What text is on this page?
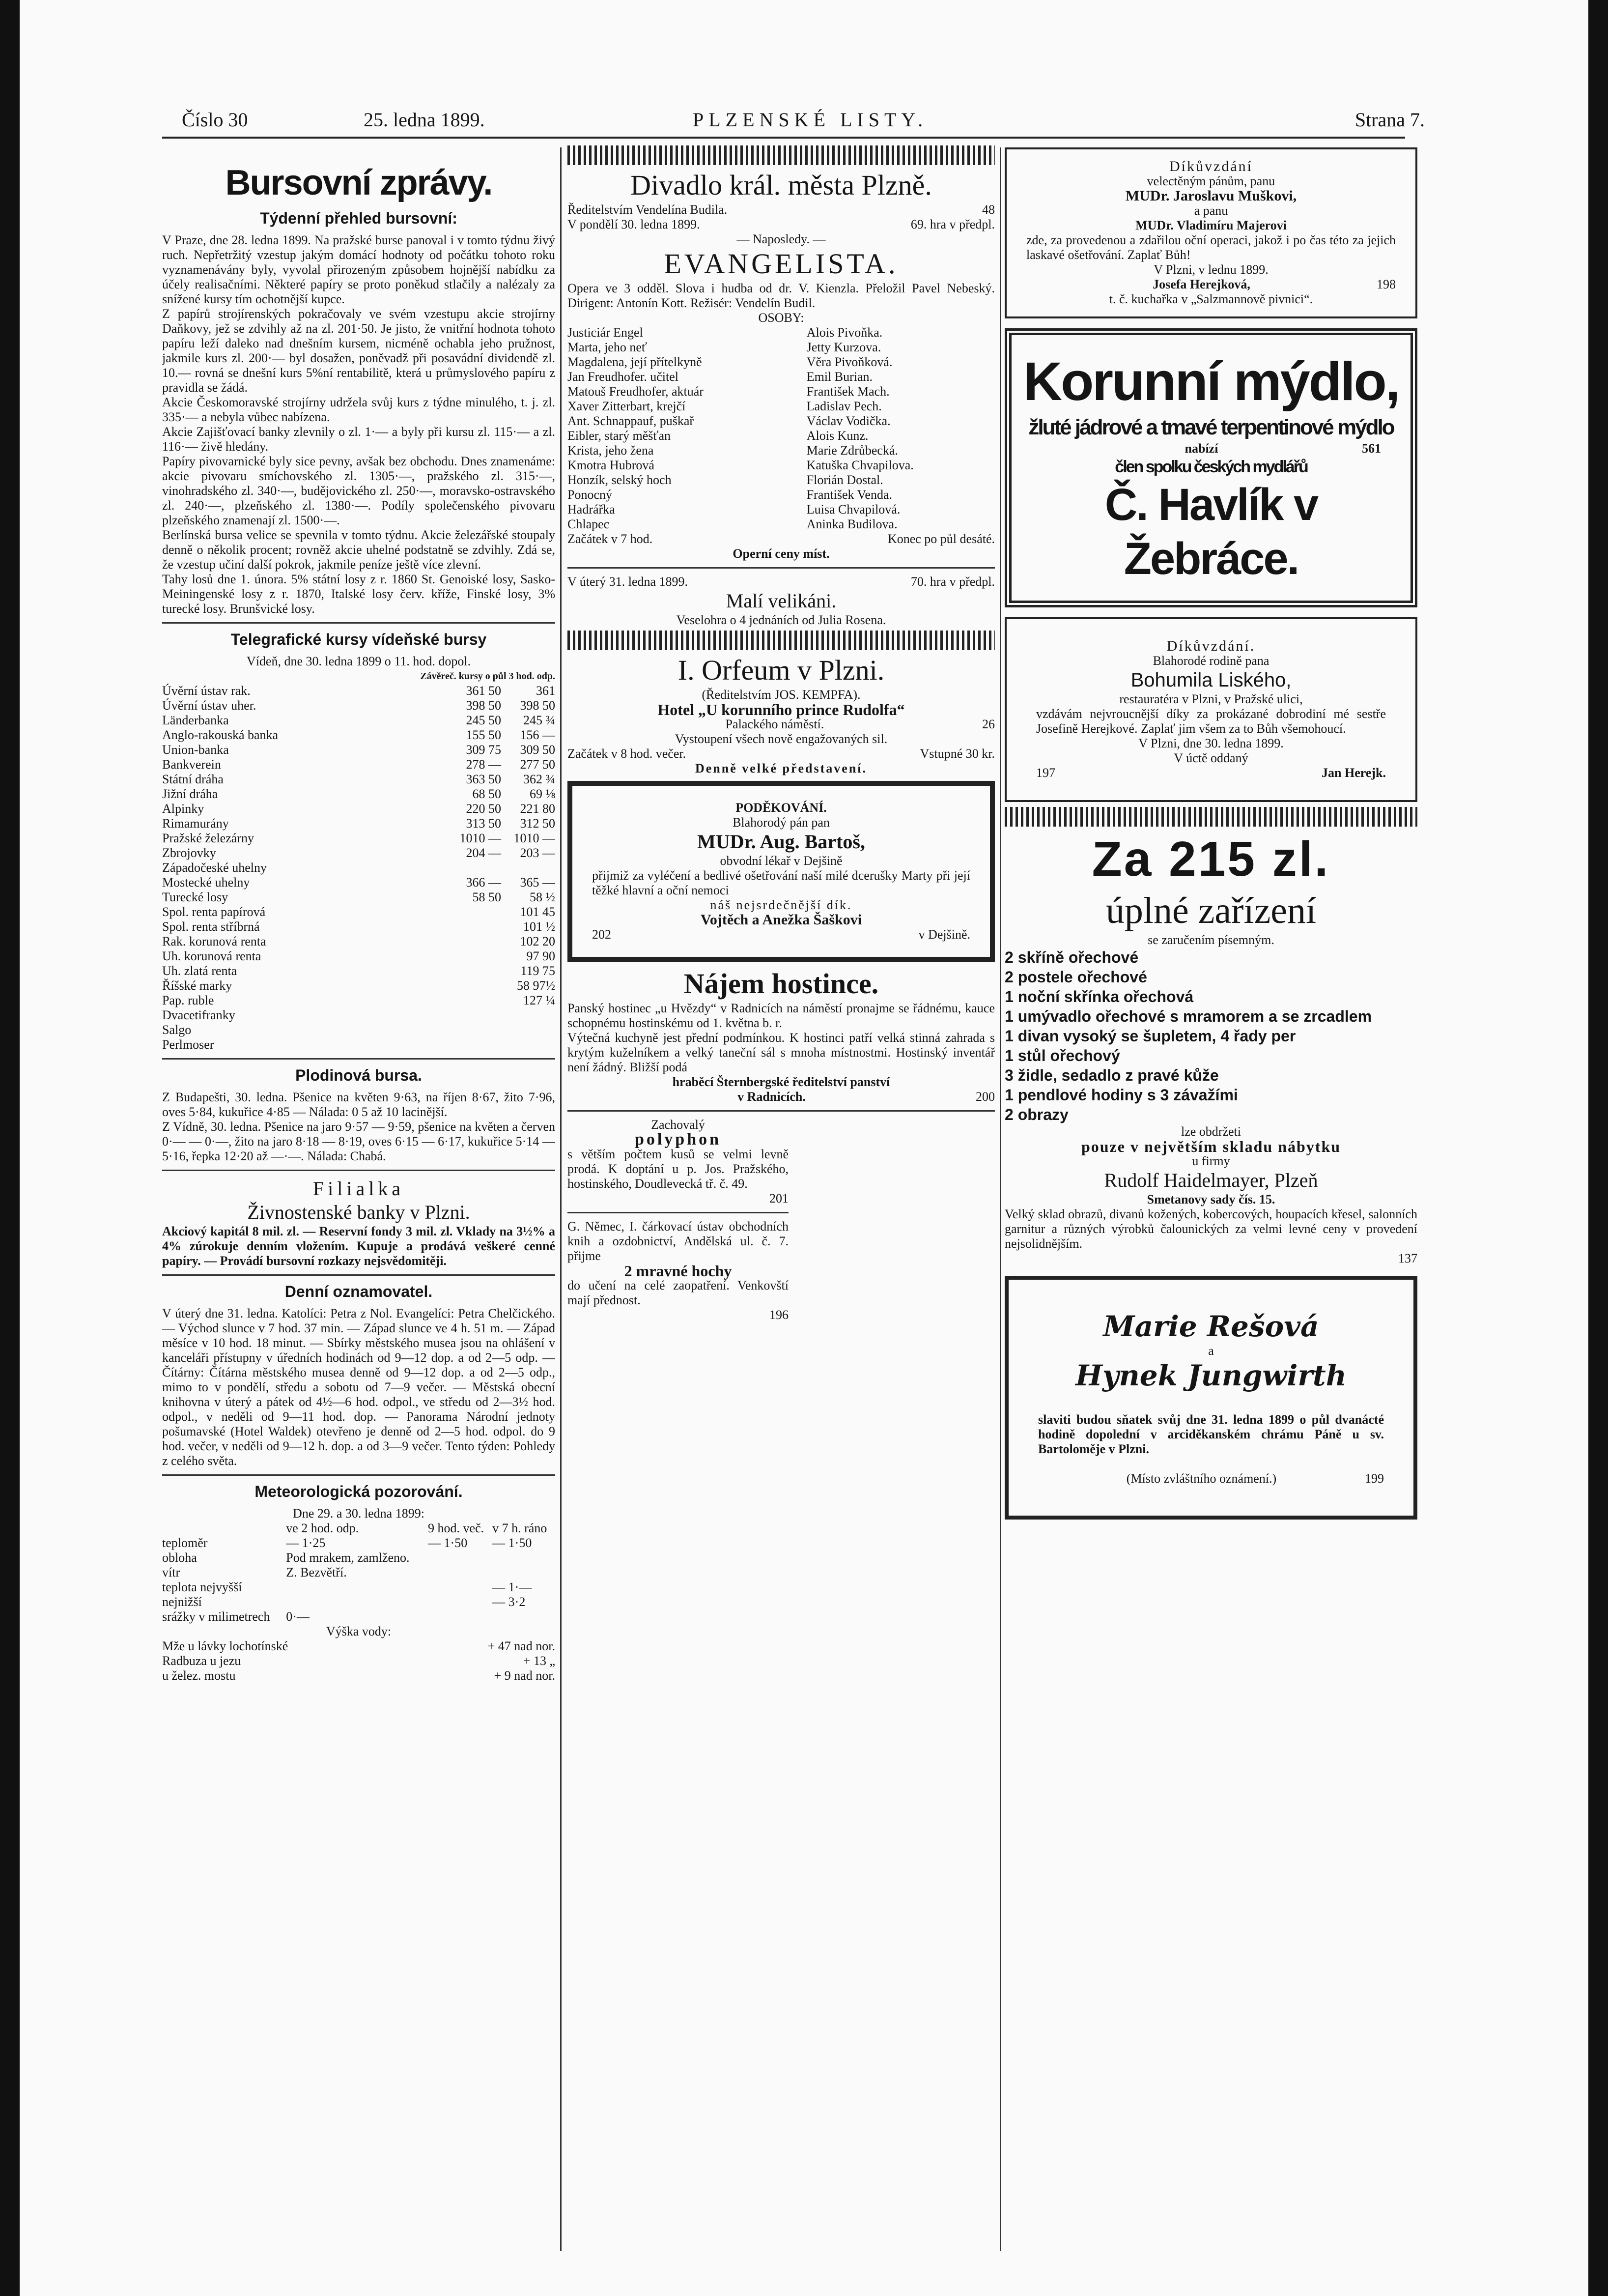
Číslo 30	25. ledna 1899.	PLZENSKÉ LISTY.	Strana 7.
Bursovní zprávy.
Týdenní přehled bursovní:

V Praze, dne 28. ledna 1899. Na pražské burse panoval i v tomto týdnu živý ruch. Nepřetržitý vzestup jakým domácí hodnoty od počátku tohoto roku vyznamenávány byly, vyvolal přirozeným způsobem hojnější nabídku za účely realisačními. Některé papíry se proto poněkud stlačily a nalézaly za snížené kursy tím ochotnější kupce.

Z papírů strojírenských pokračovaly ve svém vzestupu akcie strojírny Daňkovy, jež se zdvihly až na zl. 201·50. Je jisto, že vnitřní hodnota tohoto papíru leží daleko nad dnešním kursem, nicméně ochabla jeho pružnost, jakmile kurs zl. 200·— byl dosažen, poněvadž při posavádní dividendě zl. 10.— rovná se dnešní kurs 5%ní rentabilitě, která u průmyslového papíru z pravidla se žádá.

Akcie Českomoravské strojírny udržela svůj kurs z týdne minulého, t. j. zl. 335·— a nebyla vůbec nabízena.

Akcie Zajišťovací banky zlevnily o zl. 1·— a byly při kursu zl. 115·— a zl. 116·— živě hledány.

Papíry pivovarnické byly sice pevny, avšak bez obchodu. Dnes znamenáme: akcie pivovaru smíchovského zl. 1305·—, pražského zl. 315·—, vinohradského zl. 340·—, budějovického zl. 250·—, moravsko-ostravského zl. 240·—, plzeňského zl. 1380·—. Podíly společenského pivovaru plzeňského znamenají zl. 1500·—.

Berlínská bursa velice se spevnila v tomto týdnu. Akcie železářské stoupaly denně o několik procent; rovněž akcie uhelné podstatně se zdvihly. Zdá se, že vzestup učiní další pokrok, jakmile peníze ještě více zlevní.

Tahy losů dne 1. února. 5% státní losy z r. 1860 St. Genoiské losy, Sasko-Meiningenské losy z r. 1870, Italské losy červ. kříže, Finské losy, 3% turecké losy. Brunšvické losy.

Telegrafické kursy vídeňské bursy

Vídeň, dne 30. ledna 1899 o 11. hod. dopol.

Závěreč. kursy o půl 3 hod. odp.

Úvěrní ústav rak.	361 50	361
Úvěrní ústav uher.	398 50	398 50
Länderbanka	245 50	245 ¾
Anglo-rakouská banka	155 50	156 —
Union-banka	309 75	309 50
Bankverein	278 —	277 50
Státní dráha	363 50	362 ¾
Jižní dráha	68 50	69 ⅛
Alpinky	220 50	221 80
Rimamurány	313 50	312 50
Pražské železárny	1010 —	1010 —
Zbrojovky	204 —	203 —
Západočeské uhelny		
Mostecké uhelny	366 —	365 —
Turecké losy	58 50	58 ½
Spol. renta papírová		101 45
Spol. renta stříbrná		101 ½
Rak. korunová renta		102 20
Uh. korunová renta		97 90
Uh. zlatá renta		119 75
Říšské marky		58 97½
Pap. ruble		127 ¼
Dvacetifranky		
Salgo		
Perlmoser		
Plodinová bursa.

Z Budapešti, 30. ledna. Pšenice na květen 9·63, na říjen 8·67, žito 7·96, oves 5·84, kukuřice 4·85 — Nálada: 0 5 až 10 lacinější.

Z Vídně, 30. ledna. Pšenice na jaro 9·57 — 9·59, pšenice na květen a červen 0·— — 0·—, žito na jaro 8·18 — 8·19, oves 6·15 — 6·17, kukuřice 5·14 — 5·16, řepka 12·20 až —·—. Nálada: Chabá.

Filialka

Živnostenské banky v Plzni.

Akciový kapitál 8 mil. zl. — Reservní fondy 3 mil. zl. Vklady na 3½% a 4% zúrokuje denním vložením. Kupuje a prodává veškeré cenné papíry. — Provádí bursovní rozkazy nejsvědomitěji.

Denní oznamovatel.

V úterý dne 31. ledna. Katolíci: Petra z Nol. Evangelíci: Petra Chelčického. — Východ slunce v 7 hod. 37 min. — Západ slunce ve 4 h. 51 m. — Západ měsíce v 10 hod. 18 minut. — Sbírky městského musea jsou na ohlášení v kanceláři přístupny v úředních hodinách od 9—12 dop. a od 2—5 odp. — Čítárny: Čítárna městského musea denně od 9—12 dop. a od 2—5 odp., mimo to v pondělí, středu a sobotu od 7—9 večer. — Městská obecní knihovna v úterý a pátek od 4½—6 hod. odpol., ve středu od 2—3½ hod. odpol., v neděli od 9—11 hod. dop. — Panorama Národní jednoty pošumavské (Hotel Waldek) otevřeno je denně od 2—5 hod. odpol. do 9 hod. večer, v neděli od 9—12 h. dop. a od 3—9 večer. Tento týden: Pohledy z celého světa.

Meteorologická pozorování.

Dne 29. a 30. ledna 1899:

	ve 2 hod. odp.	9 hod. več.	v 7 h. ráno
teploměr	— 1·25	— 1·50	— 1·50
obloha	Pod mrakem, zamlženo.		
vítr	Z. Bezvětří.		
teplota nejvyšší			— 1·—
nejnižší			— 3·2
srážky v milimetrech	0·—		

Výška vody:

Mže u lávky lochotínské	+ 47 nad nor.
Radbuza u jezu	+ 13 „
u želez. mostu	+ 9 nad nor.

Divadlo král. města Plzně.

Ředitelstvím Vendelína Budila.	48

V pondělí 30. ledna 1899.	69. hra v předpl.

— Naposledy. —

EVANGELISTA.

Opera ve 3 odděl. Slova i hudba od dr. V. Kienzla. Přeložil Pavel Nebeský. Dirigent: Antonín Kott. Režisér: Vendelín Budil.

OSOBY:

Justiciár Engel	Alois Pivoňka.
Marta, jeho neť	Jetty Kurzova.
Magdalena, její přítelkyně	Věra Pivoňková.
Jan Freudhofer. učitel	Emil Burian.
Matouš Freudhofer, aktuár	František Mach.
Xaver Zitterbart, krejčí	Ladislav Pech.
Ant. Schnappauf, puškař	Václav Vodička.
Eibler, starý měšťan	Alois Kunz.
Krista, jeho žena	Marie Zdrůbecká.
Kmotra Hubrová	Katuška Chvapilova.
Honzík, selský hoch	Florián Dostal.
Ponocný	František Venda.
Hadrářka	Luisa Chvapilová.
Chlapec	Aninka Budilova.

Začátek v 7 hod.	Konec po půl desáté.

Operní ceny míst.

V úterý 31. ledna 1899.	70. hra v předpl.

Malí velikáni.

Veselohra o 4 jednáních od Julia Rosena.

I. Orfeum v Plzni.

(Ředitelstvím JOS. KEMPFA).

Hotel „U korunního prince Rudolfa“

Palackého náměstí.	26

Vystoupení všech nově engažovaných sil.

Začátek v 8 hod. večer.	Vstupné 30 kr.

Denně velké představení.

PODĚKOVÁNÍ.

Blahorodý pán pan

MUDr. Aug. Bartoš,

obvodní lékař v Dejšině

přijmiž za vyléčení a bedlivé ošetřování naší milé dcerušky Marty při její těžké hlavní a oční nemoci

náš nejsrdečnější dík.

Vojtěch a Anežka Šaškovi

202	v Dejšině.

Nájem hostince.

Panský hostinec „u Hvězdy“ v Radnicích na náměstí pronajme se řádnému, kauce schopnému hostinskému od 1. května b. r.

Výtečná kuchyně jest přední podmínkou. K hostinci patří velká stinná zahrada s krytým kuželníkem a velký taneční sál s mnoha místnostmi. Hostinský inventář není žádný. Bližší podá

hraběcí Šternbergské ředitelství panství

v Radnicích.	200

Zachovalý

polyphon

s větším počtem kusů se velmi levně prodá. K doptání u p. Jos. Pražského, hostinského, Doudlevecká tř. č. 49.

201

G. Němec, I. čárkovací ústav obchodních knih a ozdobnictví, Andělská ul. č. 7. přijme

2 mravné hochy

do učení na celé zaopatření. Venkovští mají přednost.

196

Díkůvzdání

velectěným pánům, panu

MUDr. Jaroslavu Muškovi,

a panu

MUDr. Vladimíru Majerovi

zde, za provedenou a zdařilou oční operaci, jakož i po čas této za jejich laskavé ošetřování. Zaplať Bůh!

V Plzni, v lednu 1899.

Josefa Herejková,	198

t. č. kuchařka v „Salzmannově pivnici“.

Korunní mýdlo,

žluté jádrové a tmavé terpentinové mýdlo

nabízí	561

člen spolku českých mydlářů

Č. Havlík v Žebráce.

Díkůvzdání.

Blahorodé rodině pana

Bohumila Liského,

restauratéra v Plzni, v Pražské ulici,

vzdávám nejvroucnější díky za prokázané dobrodiní mé sestře Josefině Herejkové. Zaplať jim všem za to Bůh všemohoucí.

V Plzni, dne 30. ledna 1899.

V úctě oddaný

197	Jan Herejk.

Za 215 zl.

úplné zařízení

se zaručením písemným.

2 skříně ořechové

2 postele ořechové

1 noční skřínka ořechová

1 umývadlo ořechové s mramorem a se zrcadlem

1 divan vysoký se šupletem, 4 řady per

1 stůl ořechový

3 židle, sedadlo z pravé kůže

1 pendlové hodiny s 3 závažími

2 obrazy

lze obdržeti

pouze v největším skladu nábytku

u firmy

Rudolf Haidelmayer, Plzeň

Smetanovy sady čís. 15.

Velký sklad obrazů, divanů kožených, kobercových, houpacích křesel, salonních garnitur a různých výrobků čalounických za velmi levné ceny v provedení nejsolidnějším.

137

Marie Rešová

a

Hynek Jungwirth

slaviti budou sňatek svůj dne 31. ledna 1899 o půl dvanácté hodině dopolední v arciděkanském chrámu Páně u sv. Bartoloměje v Plzni.

(Místo zvláštního oznámení.)	199
